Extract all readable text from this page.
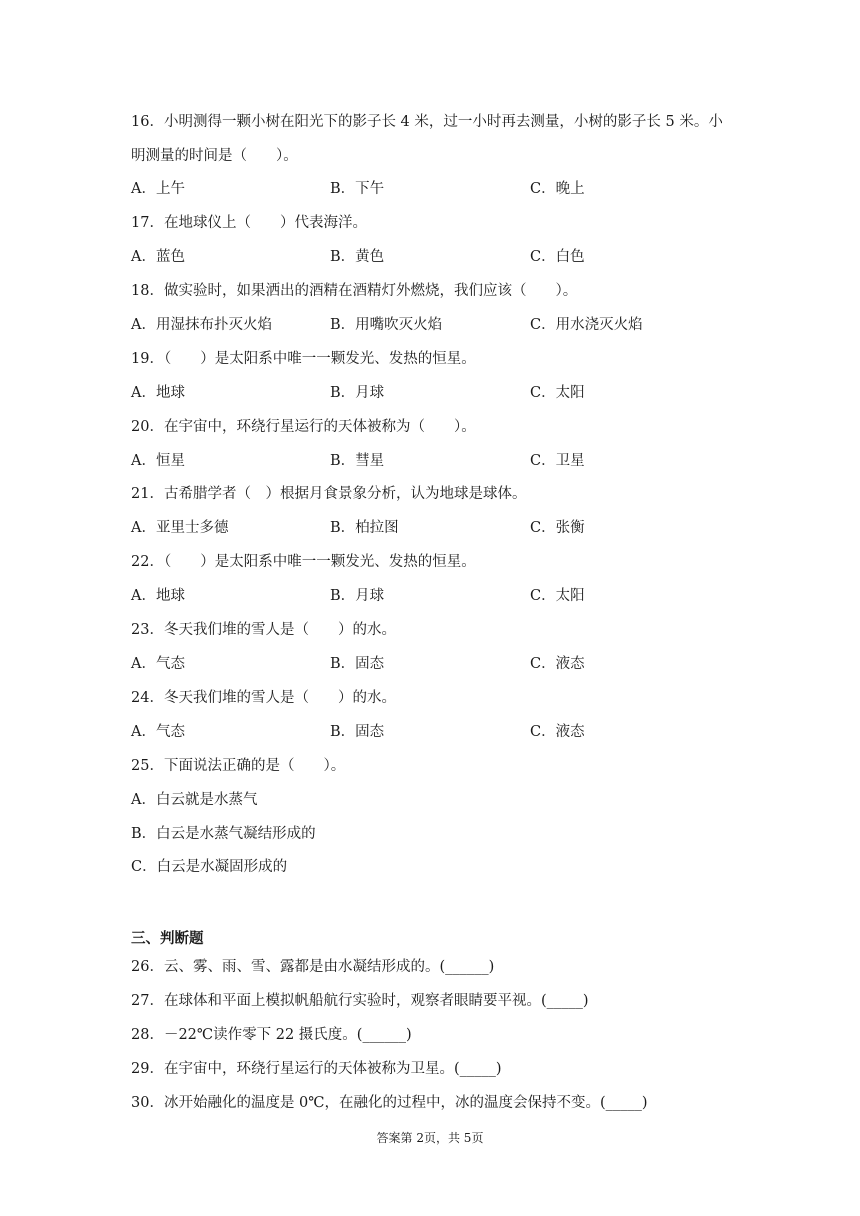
16．小明测得一颗小树在阳光下的影子长 4 米，过一小时再去测量，小树的影子长 5 米。小
明测量的时间是（　　）。
A．上午	B．下午	C．晚上
17．在地球仪上（　　）代表海洋。
A．蓝色	B．黄色	C．白色
18．做实验时，如果洒出的酒精在酒精灯外燃烧，我们应该（　　）。
A．用湿抹布扑灭火焰	B．用嘴吹灭火焰	C．用水浇灭火焰
19．（　　）是太阳系中唯一一颗发光、发热的恒星。
A．地球	B．月球	C．太阳
20．在宇宙中，环绕行星运行的天体被称为（　　）。
A．恒星	B．彗星	C．卫星
21．古希腊学者（　）根据月食景象分析，认为地球是球体。
A．亚里士多德	B．柏拉图	C．张衡
22．（　　）是太阳系中唯一一颗发光、发热的恒星。
A．地球	B．月球	C．太阳
23．冬天我们堆的雪人是（　　）的水。
A．气态	B．固态	C．液态
24．冬天我们堆的雪人是（　　）的水。
A．气态	B．固态	C．液态
25．下面说法正确的是（　　）。
A．白云就是水蒸气
B．白云是水蒸气凝结形成的
C．白云是水凝固形成的
三、判断题
26．云、雾、雨、雪、露都是由水凝结形成的。(______)
27．在球体和平面上模拟帆船航行实验时，观察者眼睛要平视。(_____)
28．－22℃读作零下 22 摄氏度。(______)
29．在宇宙中，环绕行星运行的天体被称为卫星。(_____)
30．冰开始融化的温度是 0℃，在融化的过程中，冰的温度会保持不变。(_____)
答案第 2页，共 5页
